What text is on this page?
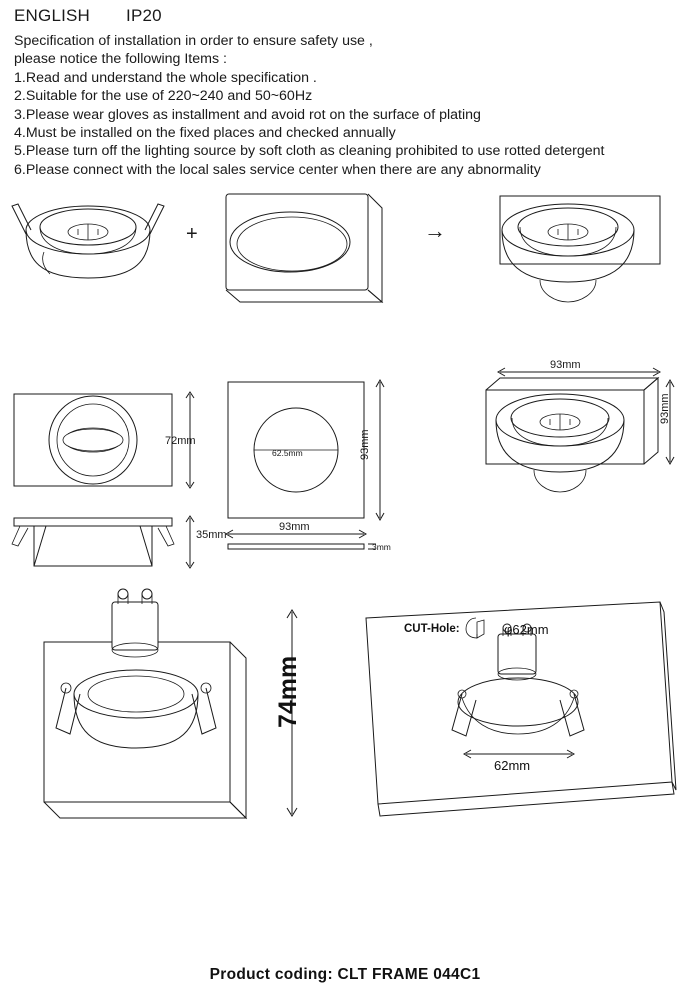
ENGLISH IP20
Specification of installation in order to ensure safety use ,
please notice the following Items :
1.Read and understand the whole specification .
2.Suitable for the use of 220~240 and 50~60Hz
3.Please wear gloves as installment and avoid rot on the surface of plating
4.Must be installed on the fixed places and checked annually
5.Please turn off the lighting source by soft cloth as cleaning prohibited to use rotted detergent
6.Please connect with the local sales service center when there are any abnormality
+	→
72mm
35mm
62.5mm	93mm
93mm
3mm
93mm
93mm
74mm
CUT-Hole:	φ62mm
62mm
Product coding: CLT FRAME 044C1
